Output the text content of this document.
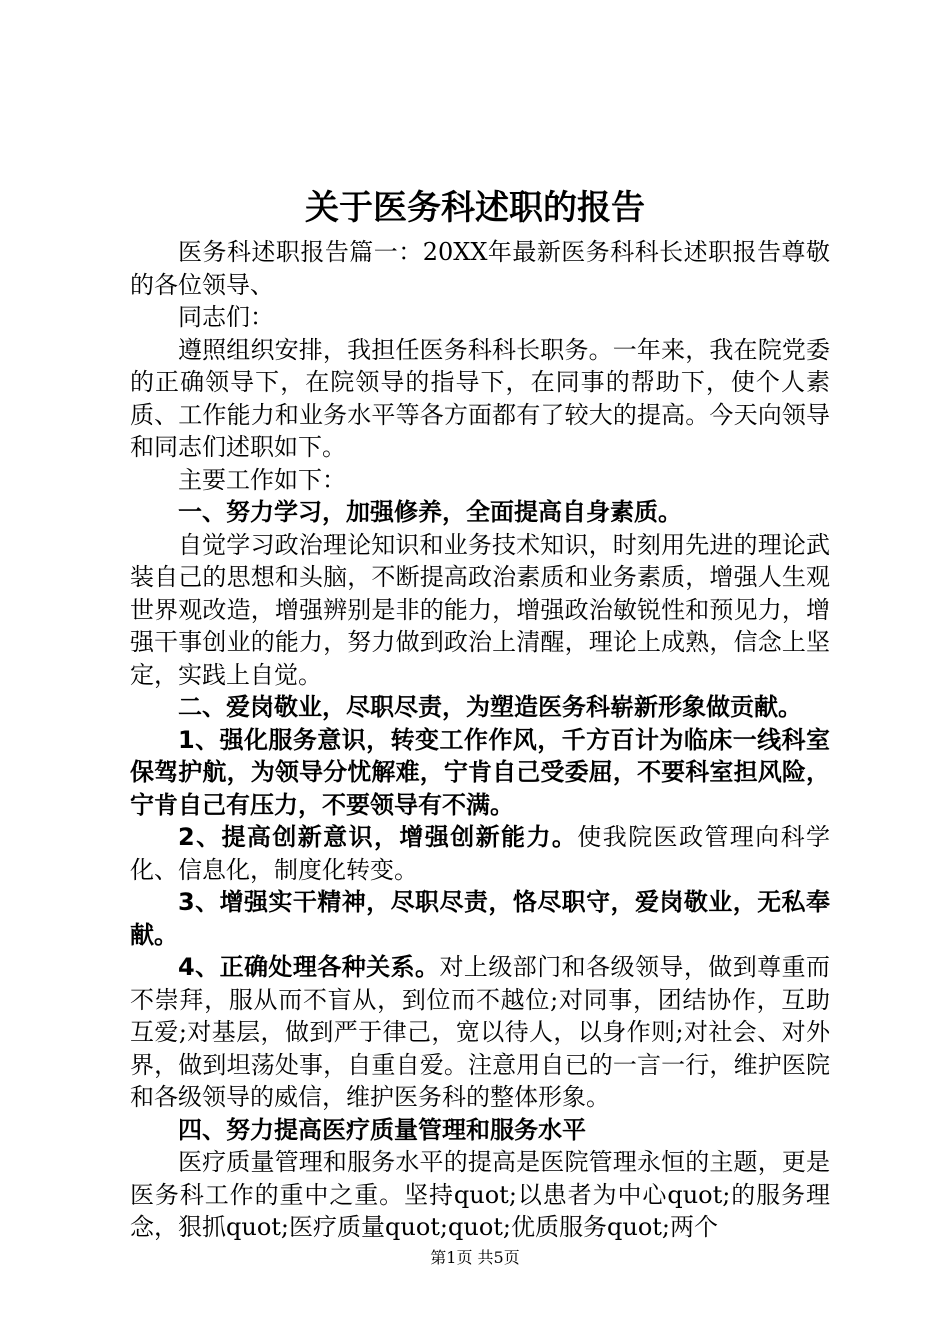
关于医务科述职的报告

医务科述职报告篇一：20XX年最新医务科科长述职报告尊敬的各位领导、

同志们：

遵照组织安排，我担任医务科科长职务。一年来，我在院党委的正确领导下，在院领导的指导下，在同事的帮助下，使个人素质、工作能力和业务水平等各方面都有了较大的提高。今天向领导和同志们述职如下。

主要工作如下：

一、努力学习，加强修养，全面提高自身素质。

自觉学习政治理论知识和业务技术知识，时刻用先进的理论武装自己的思想和头脑，不断提高政治素质和业务素质，增强人生观世界观改造，增强辨别是非的能力，增强政治敏锐性和预见力，增强干事创业的能力，努力做到政治上清醒，理论上成熟，信念上坚定，实践上自觉。

二、爱岗敬业，尽职尽责，为塑造医务科崭新形象做贡献。

1、强化服务意识，转变工作作风，千方百计为临床一线科室保驾护航，为领导分忧解难，宁肯自己受委屈，不要科室担风险，宁肯自己有压力，不要领导有不满。

2、提高创新意识，增强创新能力。使我院医政管理向科学化、信息化，制度化转变。

3、增强实干精神，尽职尽责，恪尽职守，爱岗敬业，无私奉献。

4、正确处理各种关系。对上级部门和各级领导，做到尊重而不崇拜，服从而不盲从，到位而不越位;对同事，团结协作，互助互爱;对基层，做到严于律己，宽以待人，以身作则;对社会、对外界，做到坦荡处事，自重自爱。注意用自已的一言一行，维护医院和各级领导的威信，维护医务科的整体形象。

四、努力提高医疗质量管理和服务水平

医疗质量管理和服务水平的提高是医院管理永恒的主题，更是医务科工作的重中之重。坚持quot;以患者为中心quot;的服务理念，狠抓quot;医疗质量quot;quot;优质服务quot;两个

第1页 共5页
